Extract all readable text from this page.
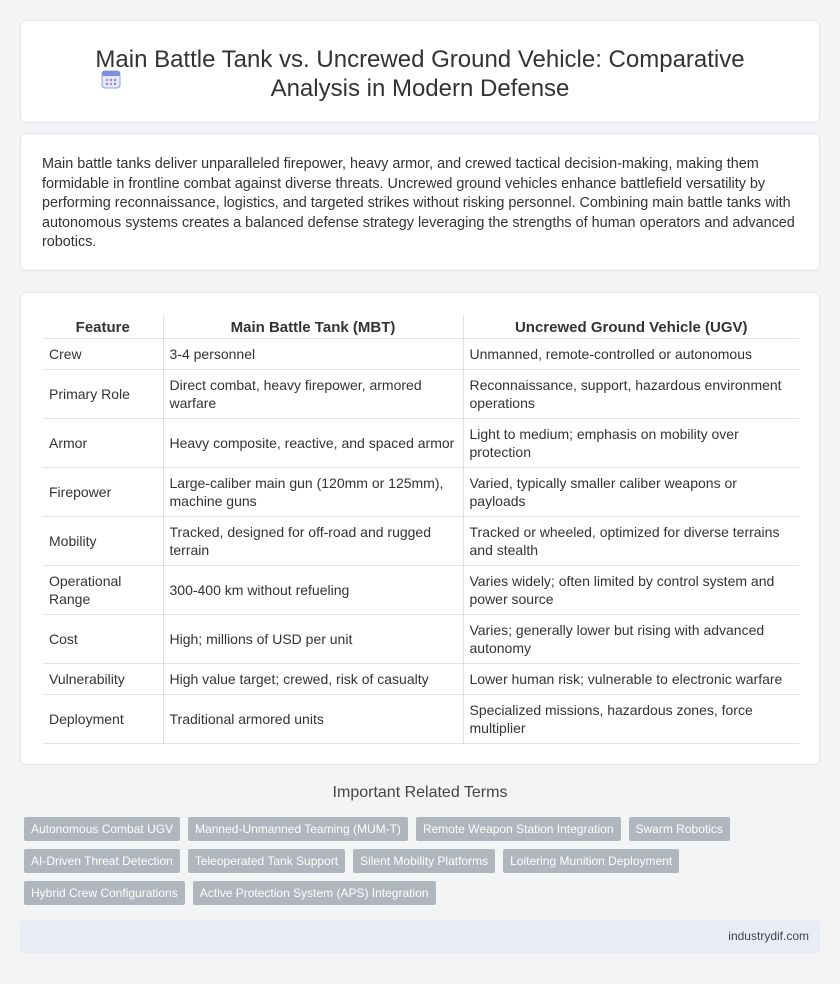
Main Battle Tank vs. Uncrewed Ground Vehicle: Comparative Analysis in Modern Defense

Main battle tanks deliver unparalleled firepower, heavy armor, and crewed tactical decision-making, making them formidable in frontline combat against diverse threats. Uncrewed ground vehicles enhance battlefield versatility by performing reconnaissance, logistics, and targeted strikes without risking personnel. Combining main battle tanks with autonomous systems creates a balanced defense strategy leveraging the strengths of human operators and advanced robotics.

Feature	Main Battle Tank (MBT)	Uncrewed Ground Vehicle (UGV)
Crew	3-4 personnel	Unmanned, remote-controlled or autonomous
Primary Role	Direct combat, heavy firepower, armored warfare	Reconnaissance, support, hazardous environment operations
Armor	Heavy composite, reactive, and spaced armor	Light to medium; emphasis on mobility over protection
Firepower	Large-caliber main gun (120mm or 125mm), machine guns	Varied, typically smaller caliber weapons or payloads
Mobility	Tracked, designed for off-road and rugged terrain	Tracked or wheeled, optimized for diverse terrains and stealth
Operational Range	300-400 km without refueling	Varies widely; often limited by control system and power source
Cost	High; millions of USD per unit	Varies; generally lower but rising with advanced autonomy
Vulnerability	High value target; crewed, risk of casualty	Lower human risk; vulnerable to electronic warfare
Deployment	Traditional armored units	Specialized missions, hazardous zones, force multiplier
Important Related Terms
Autonomous Combat UGV	Manned-Unmanned Teaming (MUM-T)	Remote Weapon Station Integration	Swarm Robotics
AI-Driven Threat Detection	Teleoperated Tank Support	Silent Mobility Platforms	Loitering Munition Deployment
Hybrid Crew Configurations	Active Protection System (APS) Integration
industrydif.com
